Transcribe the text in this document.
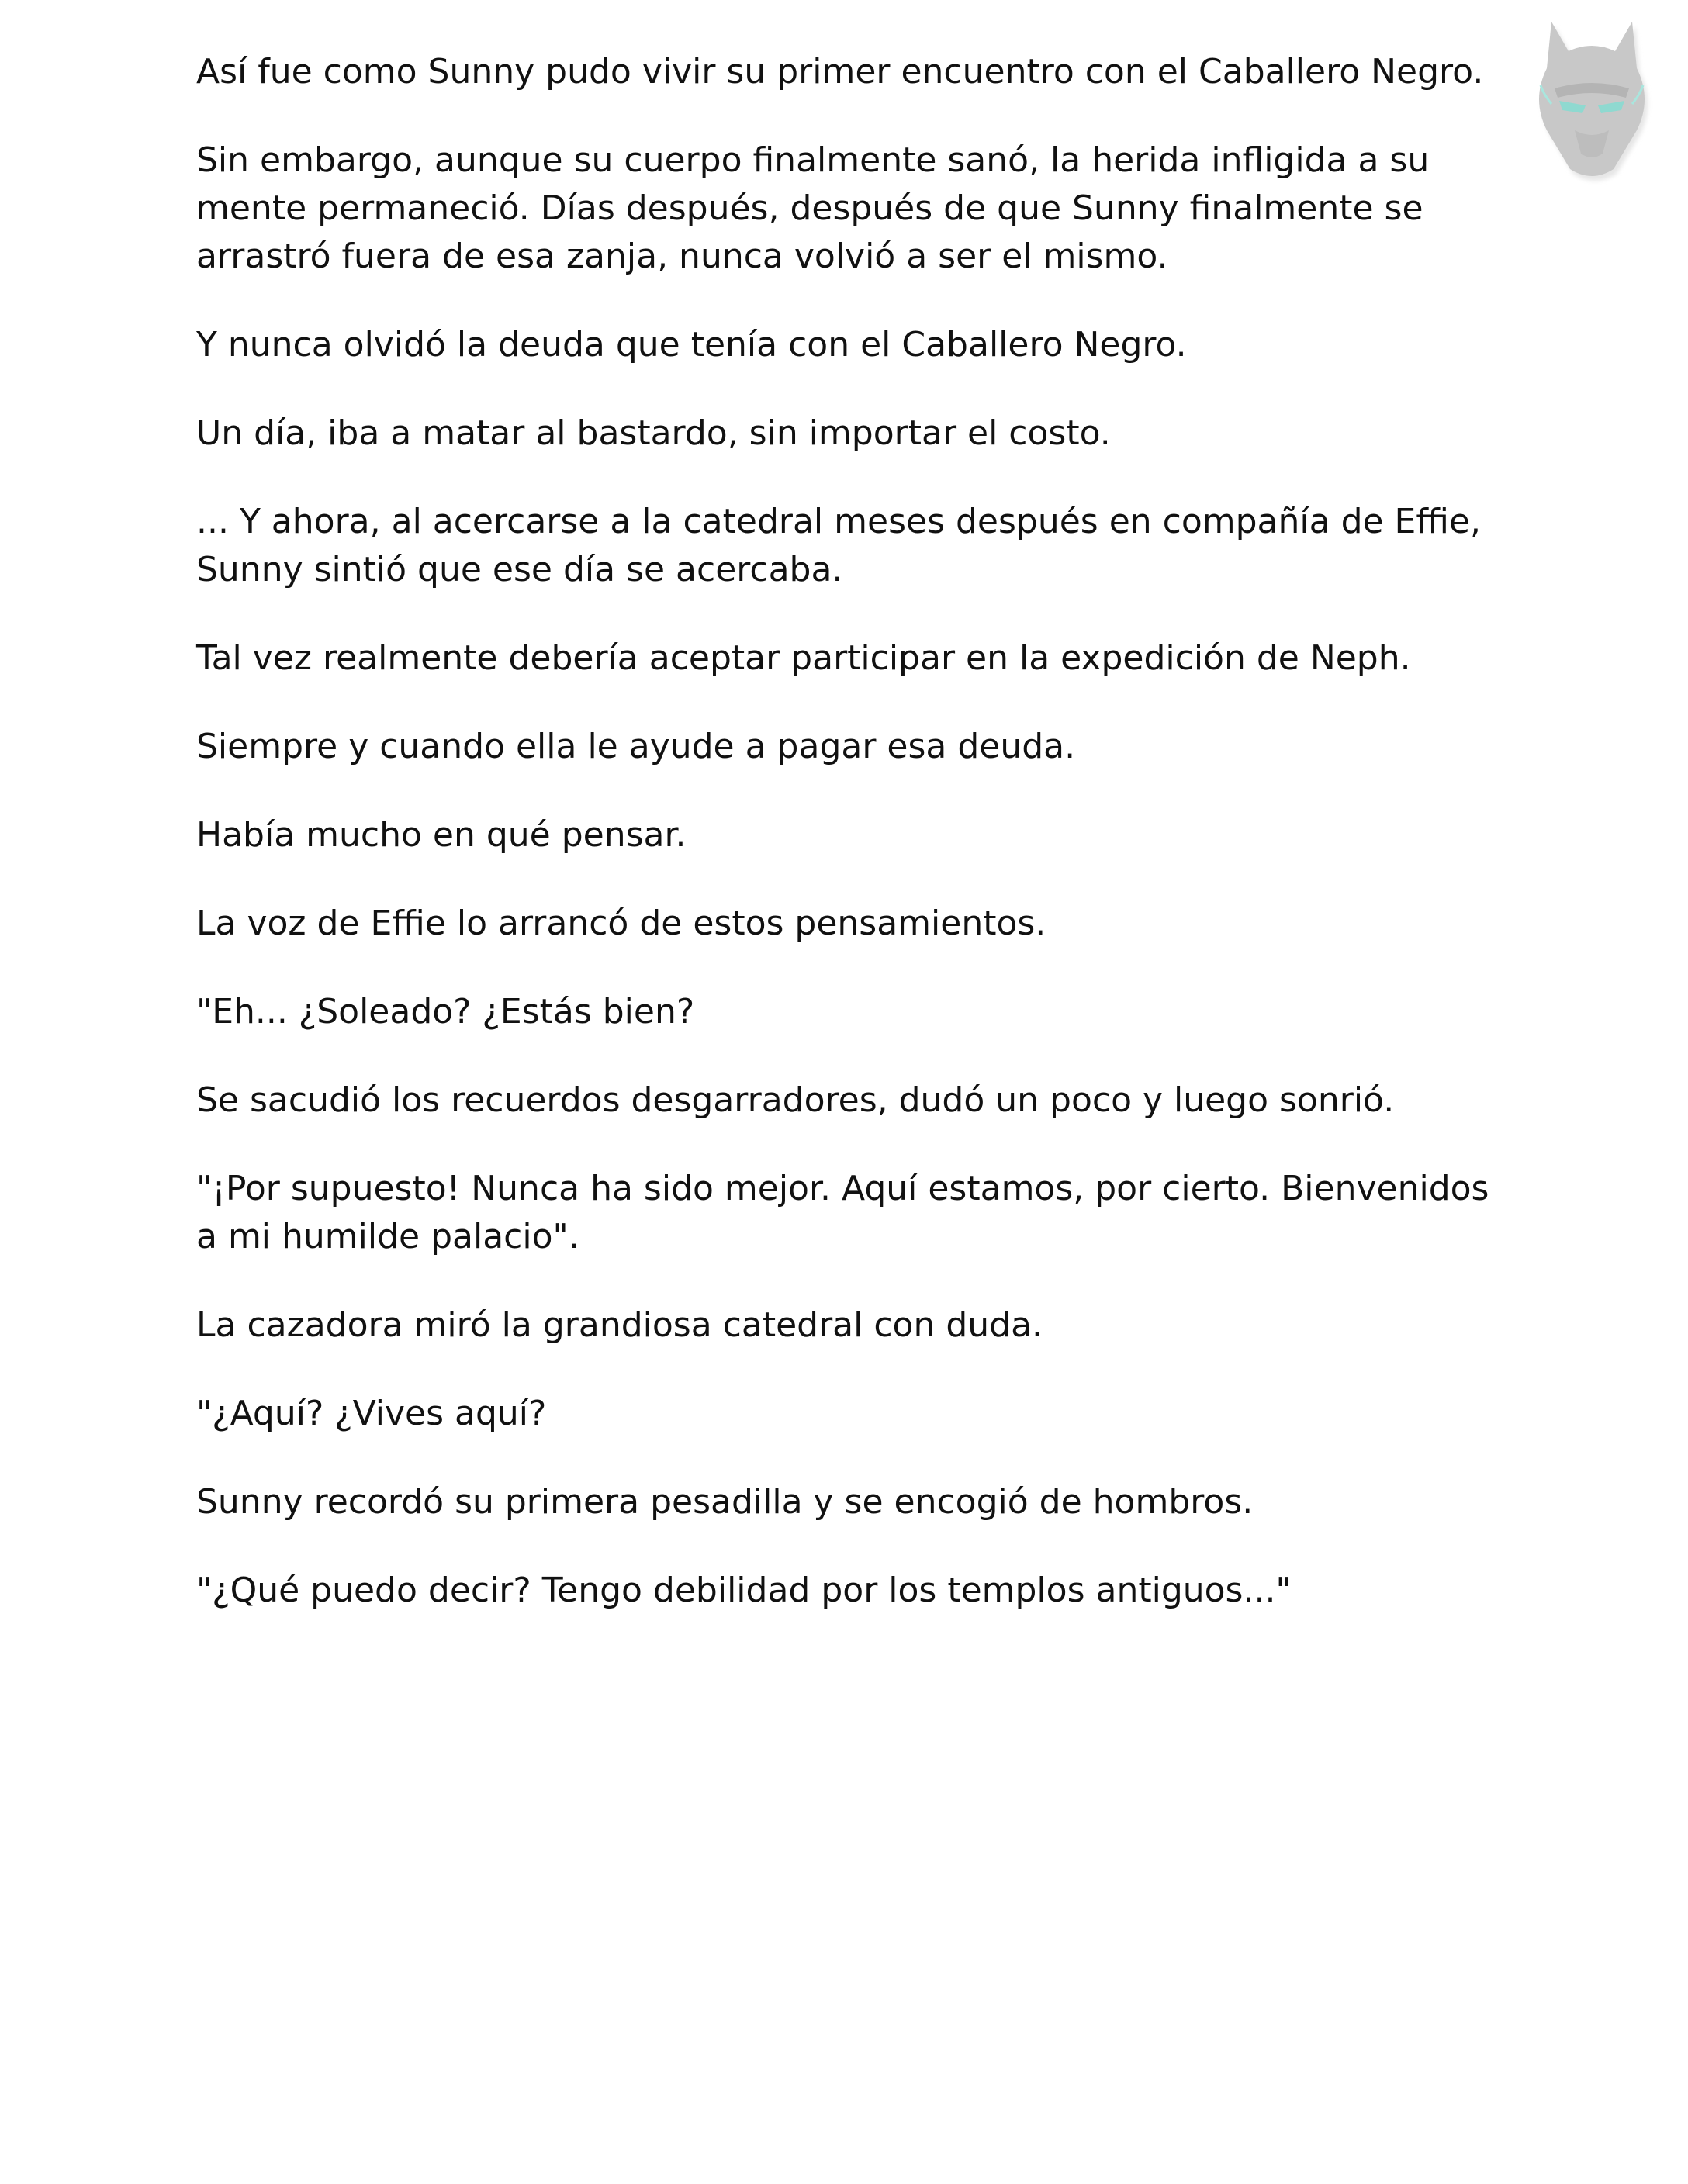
Así fue como Sunny pudo vivir su primer encuentro con el Caballero Negro.

Sin embargo, aunque su cuerpo finalmente sanó, la herida infligida a su mente permaneció. Días después, después de que Sunny finalmente se arrastró fuera de esa zanja, nunca volvió a ser el mismo.

Y nunca olvidó la deuda que tenía con el Caballero Negro.

Un día, iba a matar al bastardo, sin importar el costo.

... Y ahora, al acercarse a la catedral meses después en compañía de Effie, Sunny sintió que ese día se acercaba.

Tal vez realmente debería aceptar participar en la expedición de Neph.

Siempre y cuando ella le ayude a pagar esa deuda.

Había mucho en qué pensar.

La voz de Effie lo arrancó de estos pensamientos.

"Eh... ¿Soleado? ¿Estás bien?

Se sacudió los recuerdos desgarradores, dudó un poco y luego sonrió.

"¡Por supuesto! Nunca ha sido mejor. Aquí estamos, por cierto. Bienvenidos a mi humilde palacio".

La cazadora miró la grandiosa catedral con duda.

"¿Aquí? ¿Vives aquí?

Sunny recordó su primera pesadilla y se encogió de hombros.

"¿Qué puedo decir? Tengo debilidad por los templos antiguos..."
